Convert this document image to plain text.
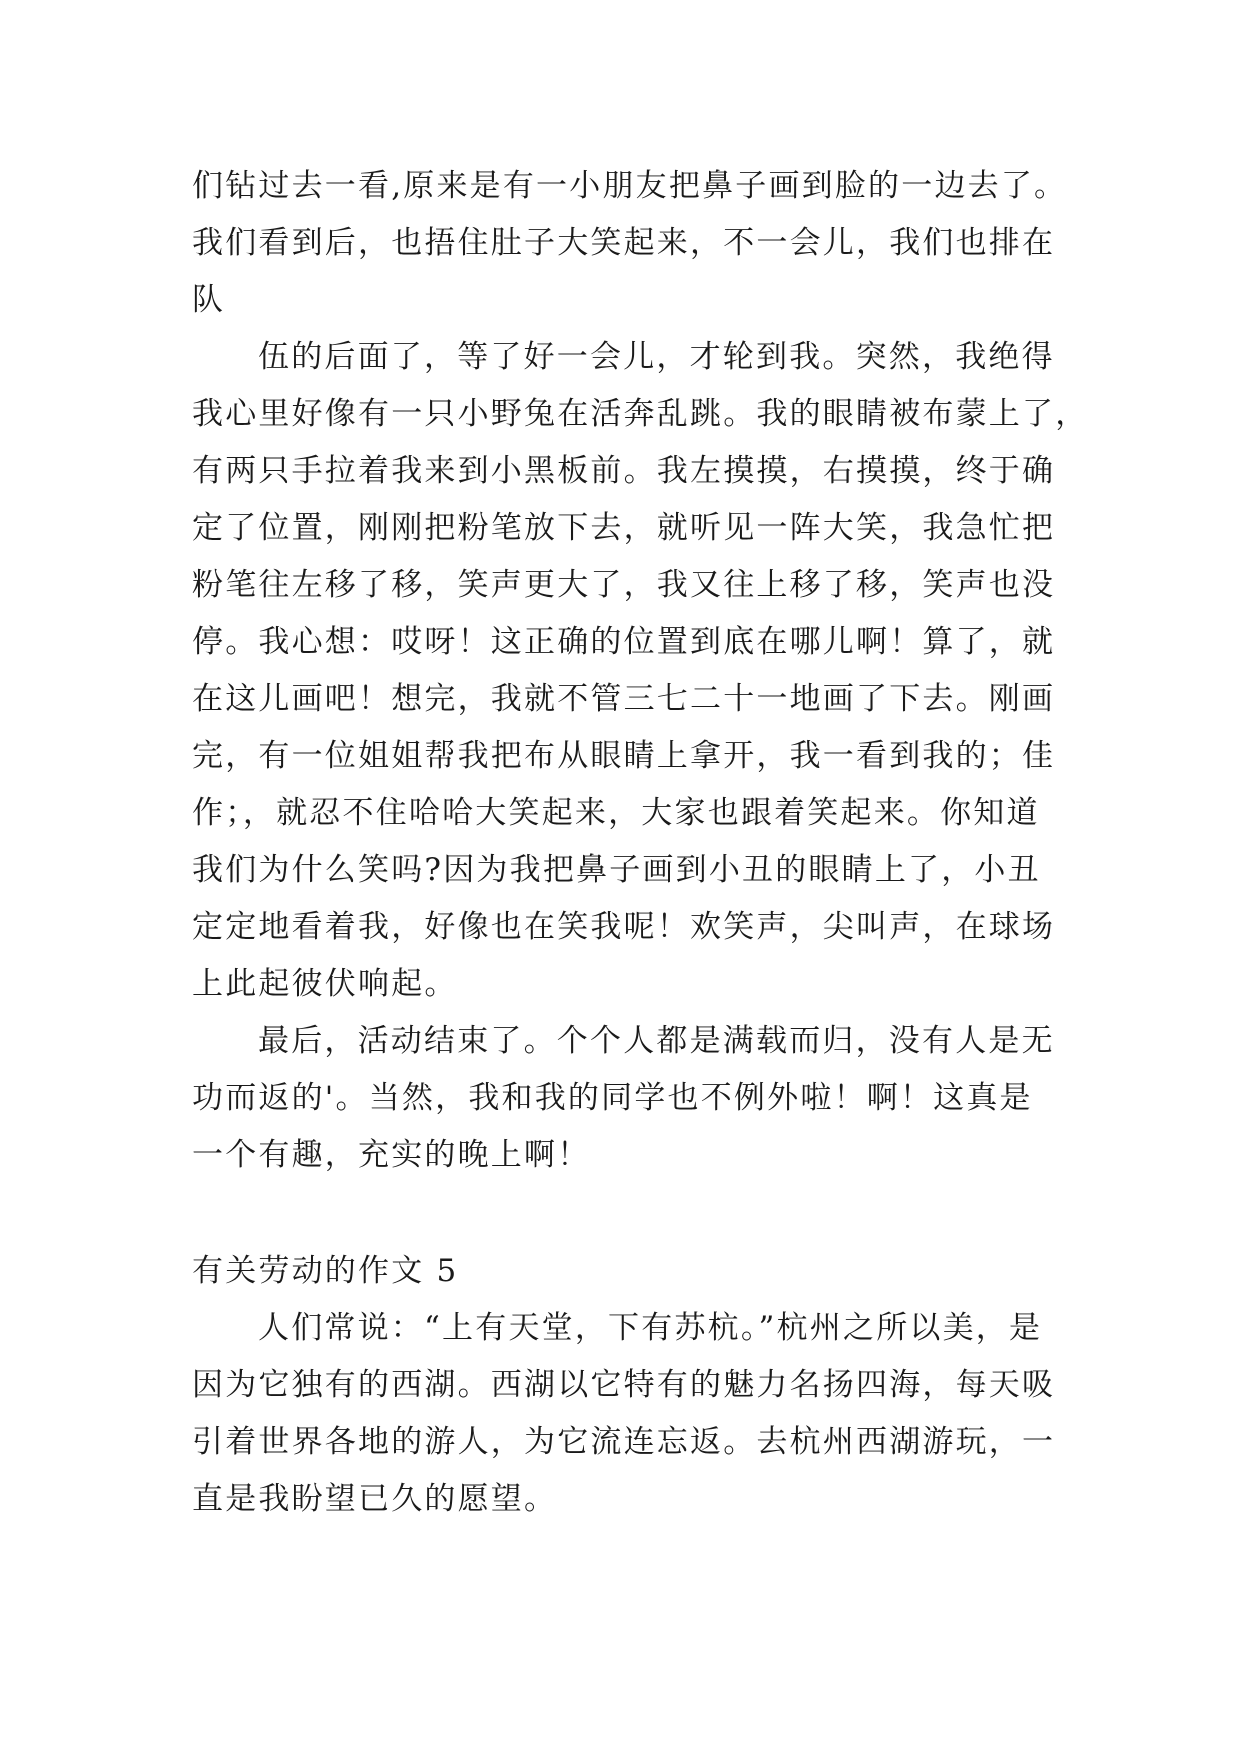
们钻过去一看,原来是有一小朋友把鼻子画到脸的一边去了。
我们看到后，也捂住肚子大笑起来，不一会儿，我们也排在
队
伍的后面了，等了好一会儿，才轮到我。突然，我绝得
我心里好像有一只小野兔在活奔乱跳。我的眼睛被布蒙上了，
有两只手拉着我来到小黑板前。我左摸摸，右摸摸，终于确
定了位置，刚刚把粉笔放下去，就听见一阵大笑，我急忙把
粉笔往左移了移，笑声更大了，我又往上移了移，笑声也没
停。我心想：哎呀！这正确的位置到底在哪儿啊！算了，就
在这儿画吧！想完，我就不管三七二十一地画了下去。刚画
完，有一位姐姐帮我把布从眼睛上拿开，我一看到我的；佳
作；，就忍不住哈哈大笑起来，大家也跟着笑起来。你知道
我们为什么笑吗?因为我把鼻子画到小丑的眼睛上了，小丑
定定地看着我，好像也在笑我呢！欢笑声，尖叫声，在球场
上此起彼伏响起。
最后，活动结束了。个个人都是满载而归，没有人是无
功而返的'。当然，我和我的同学也不例外啦！啊！这真是
一个有趣，充实的晚上啊！
有关劳动的作文 5
人们常说：“上有天堂，下有苏杭。”杭州之所以美，是
因为它独有的西湖。西湖以它特有的魅力名扬四海，每天吸
引着世界各地的游人，为它流连忘返。去杭州西湖游玩，一
直是我盼望已久的愿望。
